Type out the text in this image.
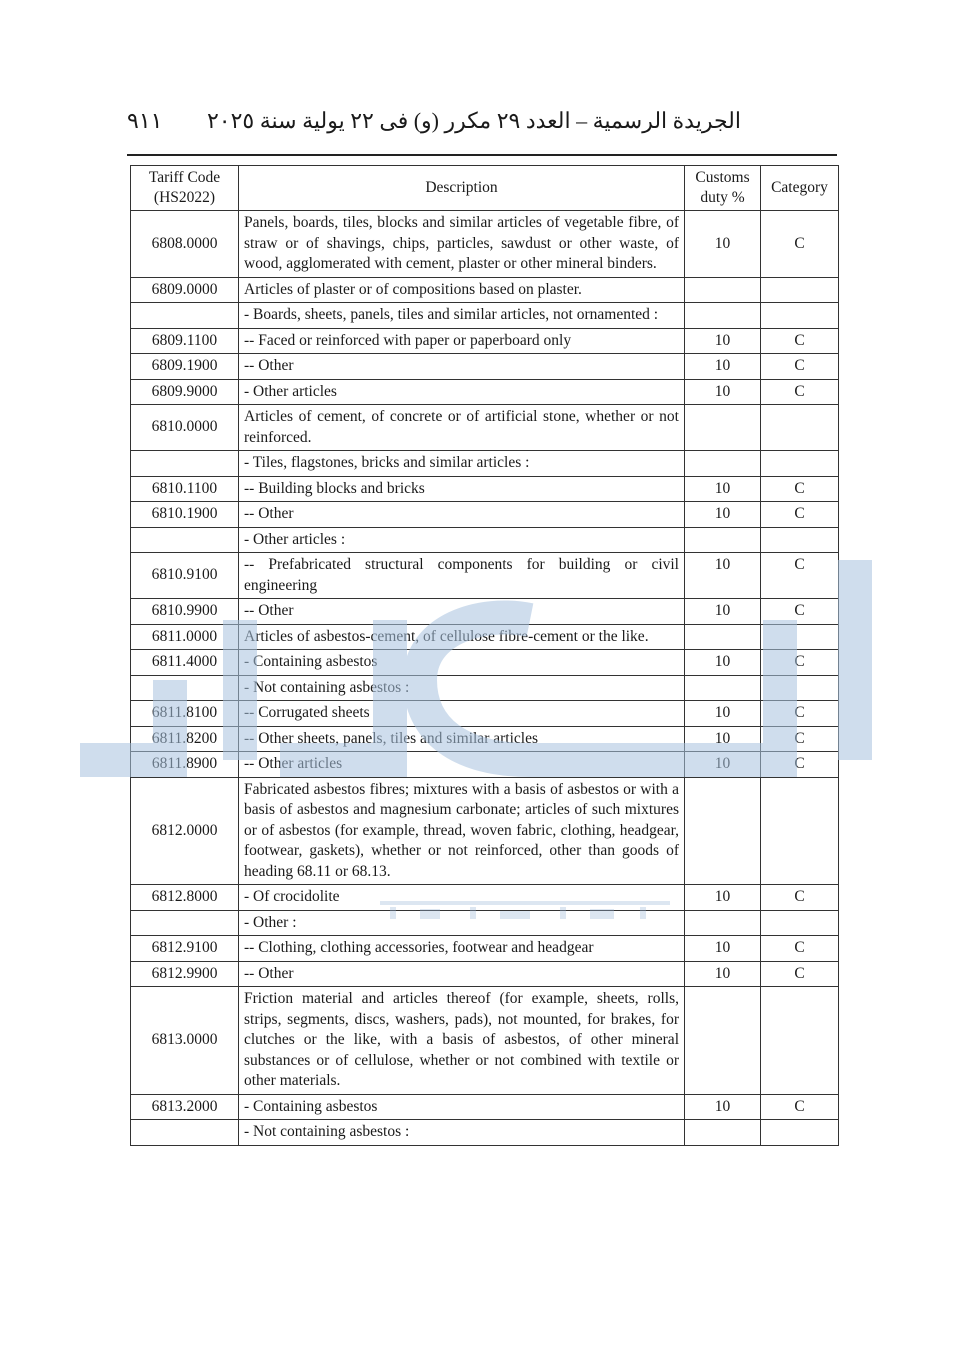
٩١١ الجريدة الرسمية – العدد ٢٩ مكرر (و) فى ٢٢ يولية سنة ٢٠٢٥
Tariff Code (HS2022)	Description	Customs duty %	Category
6808.0000	Panels, boards, tiles, blocks and similar articles of vegetable fibre, of straw or of shavings, chips, particles, sawdust or other waste, of wood, agglomerated with cement, plaster or other mineral binders.	10	C
6809.0000	Articles of plaster or of compositions based on plaster.		
	- Boards, sheets, panels, tiles and similar articles, not ornamented :		
6809.1100	-- Faced or reinforced with paper or paperboard only	10	C
6809.1900	-- Other	10	C
6809.9000	- Other articles	10	C
6810.0000	Articles of cement, of concrete or of artificial stone, whether or not reinforced.		
	- Tiles, flagstones, bricks and similar articles :		
6810.1100	-- Building blocks and bricks	10	C
6810.1900	-- Other	10	C
	- Other articles :		
6810.9100	-- Prefabricated structural components for building or civil engineering	10	C
6810.9900	-- Other	10	C
6811.0000	Articles of asbestos-cement, of cellulose fibre-cement or the like.		
6811.4000	- Containing asbestos	10	C
	- Not containing asbestos :		
6811.8100	-- Corrugated sheets	10	C
6811.8200	-- Other sheets, panels, tiles and similar articles	10	C
6811.8900	-- Other articles	10	C
6812.0000	Fabricated asbestos fibres; mixtures with a basis of asbestos or with a basis of asbestos and magnesium carbonate; articles of such mixtures or of asbestos (for example, thread, woven fabric, clothing, headgear, footwear, gaskets), whether or not reinforced, other than goods of heading 68.11 or 68.13.		
6812.8000	- Of crocidolite	10	C
	- Other :		
6812.9100	-- Clothing, clothing accessories, footwear and headgear	10	C
6812.9900	-- Other	10	C
6813.0000	Friction material and articles thereof (for example, sheets, rolls, strips, segments, discs, washers, pads), not mounted, for brakes, for clutches or the like, with a basis of asbestos, of other mineral substances or of cellulose, whether or not combined with textile or other materials.		
6813.2000	- Containing asbestos	10	C
	- Not containing asbestos :		
